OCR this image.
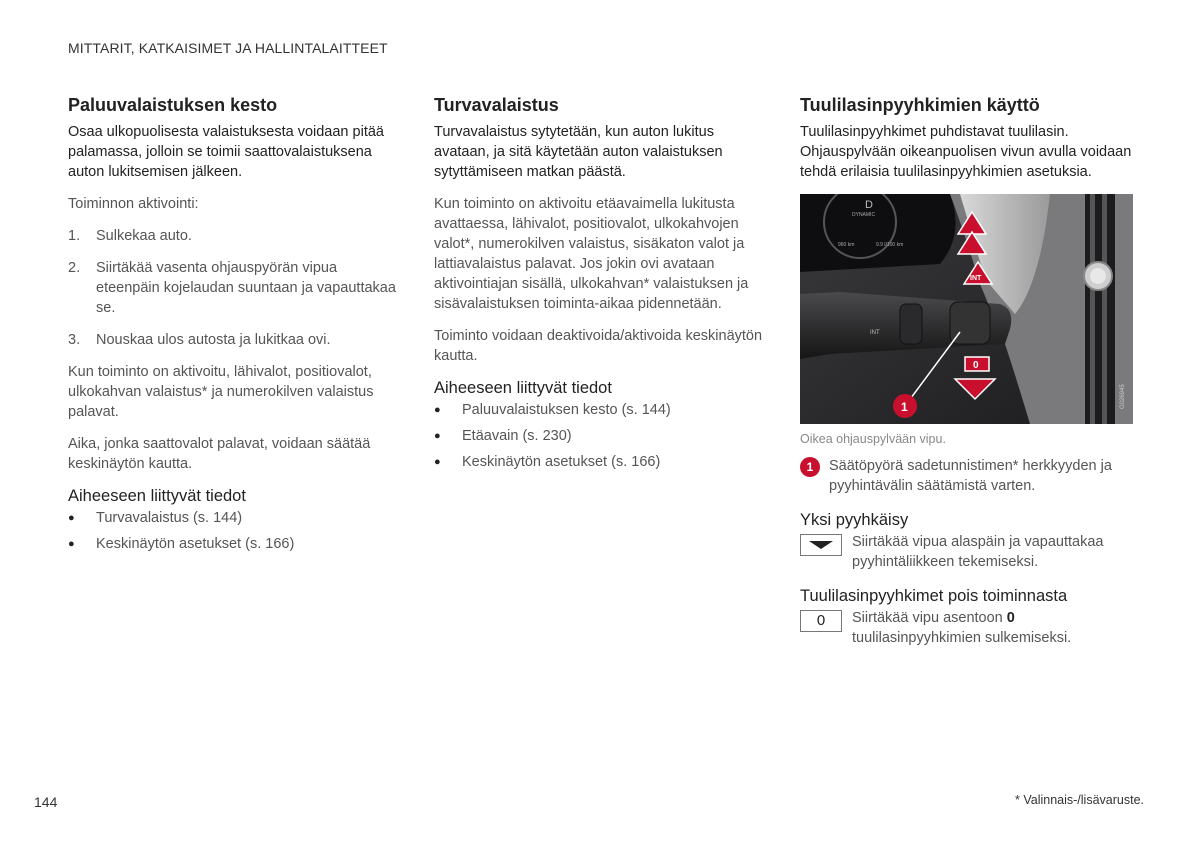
MITTARIT, KATKAISIMET JA HALLINTALAITTEET
Paluuvalaistuksen kesto

Osaa ulkopuolisesta valaistuksesta voidaan pitää palamassa, jolloin se toimii saattovalaistuksena auton lukitsemisen jälkeen.

Toiminnon aktivointi:

1.	Sulkekaa auto.
2.	Siirtäkää vasenta ohjauspyörän vipua eteenpäin kojelaudan suuntaan ja vapauttakaa se.
3.	Nouskaa ulos autosta ja lukitkaa ovi.

Kun toiminto on aktivoitu, lähivalot, positiovalot, ulkokahvan valaistus* ja numerokilven valaistus palavat.

Aika, jonka saattovalot palavat, voidaan säätää keskinäytön kautta.

Aiheeseen liittyvät tiedot
●	Turvavalaistus (s. 144)
●	Keskinäytön asetukset (s. 166)
Turvavalaistus

Turvavalaistus sytytetään, kun auton lukitus avataan, ja sitä käytetään auton valaistuksen sytyttämiseen matkan päästä.

Kun toiminto on aktivoitu etäavaimella lukitusta avattaessa, lähivalot, positiovalot, ulkokahvojen valot*, numerokilven valaistus, sisäkaton valot ja lattiavalaistus palavat. Jos jokin ovi avataan aktivointiajan sisällä, ulkokahvan* valaistuksen ja sisävalaistuksen toiminta-aikaa pidennetään.

Toiminto voidaan deaktivoida/aktivoida keskinäytön kautta.

Aiheeseen liittyvät tiedot
●	Paluuvalaistuksen kesto (s. 144)
●	Etäavain (s. 230)
●	Keskinäytön asetukset (s. 166)
Tuulilasinpyyhkimien käyttö

Tuulilasinpyyhkimet puhdistavat tuulilasin. Ohjauspylvään oikeanpuolisen vivun avulla voidaan tehdä erilaisia tuulilasinpyyhkimien asetuksia.

D
DYNAMIC
960 km	9.9 l/100 km
INT
INT
0
1	G026945
Oikea ohjauspylvään vipu.
1	Säätöpyörä sadetunnistimen* herkkyyden ja pyyhintävälin säätämistä varten.
Yksi pyyhkäisy
Siirtäkää vipua alaspäin ja vapauttakaa pyyhintäliikkeen tekemiseksi.
Tuulilasinpyyhkimet pois toiminnasta
0	Siirtäkää vipu asentoon 0 tuulilasinpyyhkimien sulkemiseksi.
144	* Valinnais-/lisävaruste.
